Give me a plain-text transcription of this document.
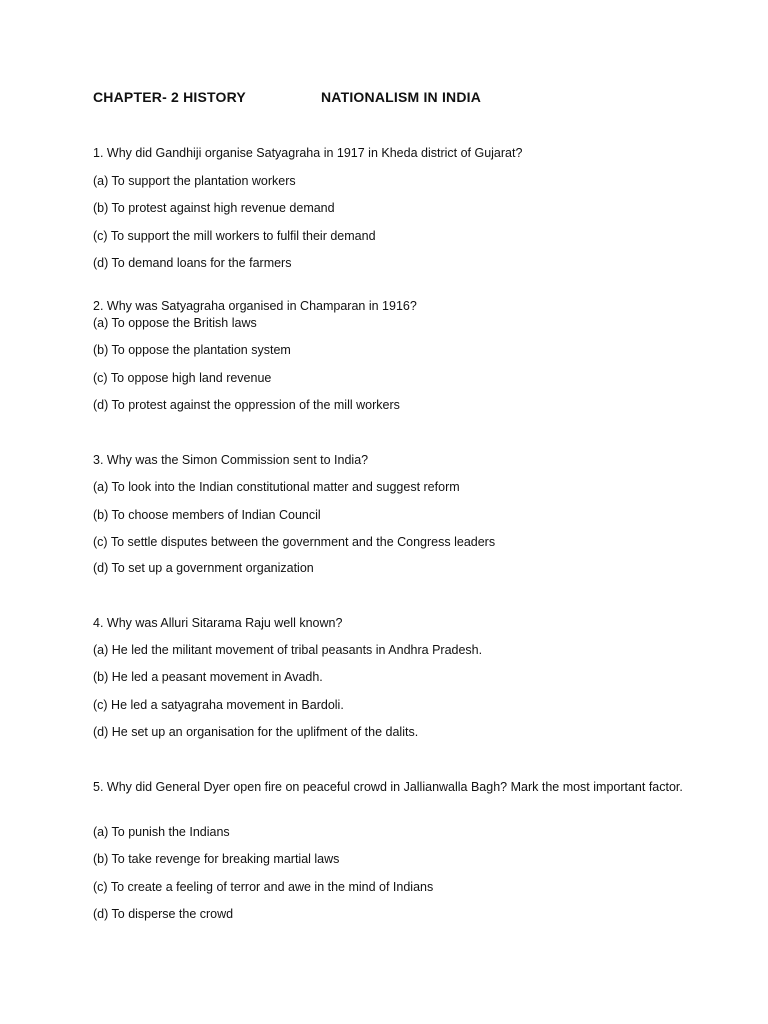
CHAPTER- 2 HISTORY	NATIONALISM IN INDIA
1. Why did Gandhiji organise Satyagraha in 1917 in Kheda district of Gujarat?
(a) To support the plantation workers
(b) To protest against high revenue demand
(c) To support the mill workers to fulfil their demand
(d) To demand loans for the farmers
2. Why was Satyagraha organised in Champaran in 1916?
(a) To oppose the British laws
(b) To oppose the plantation system
(c) To oppose high land revenue
(d) To protest against the oppression of the mill workers
3. Why was the Simon Commission sent to India?
(a) To look into the Indian constitutional matter and suggest reform
(b) To choose members of Indian Council
(c) To settle disputes between the government and the Congress leaders
(d) To set up a government organization
4. Why was Alluri Sitarama Raju well known?
(a) He led the militant movement of tribal peasants in Andhra Pradesh.
(b) He led a peasant movement in Avadh.
(c) He led a satyagraha movement in Bardoli.
(d) He set up an organisation for the uplifment of the dalits.
5. Why did General Dyer open fire on peaceful crowd in Jallianwalla Bagh? Mark the most important factor.
(a) To punish the Indians
(b) To take revenge for breaking martial laws
(c) To create a feeling of terror and awe in the mind of Indians
(d) To disperse the crowd
